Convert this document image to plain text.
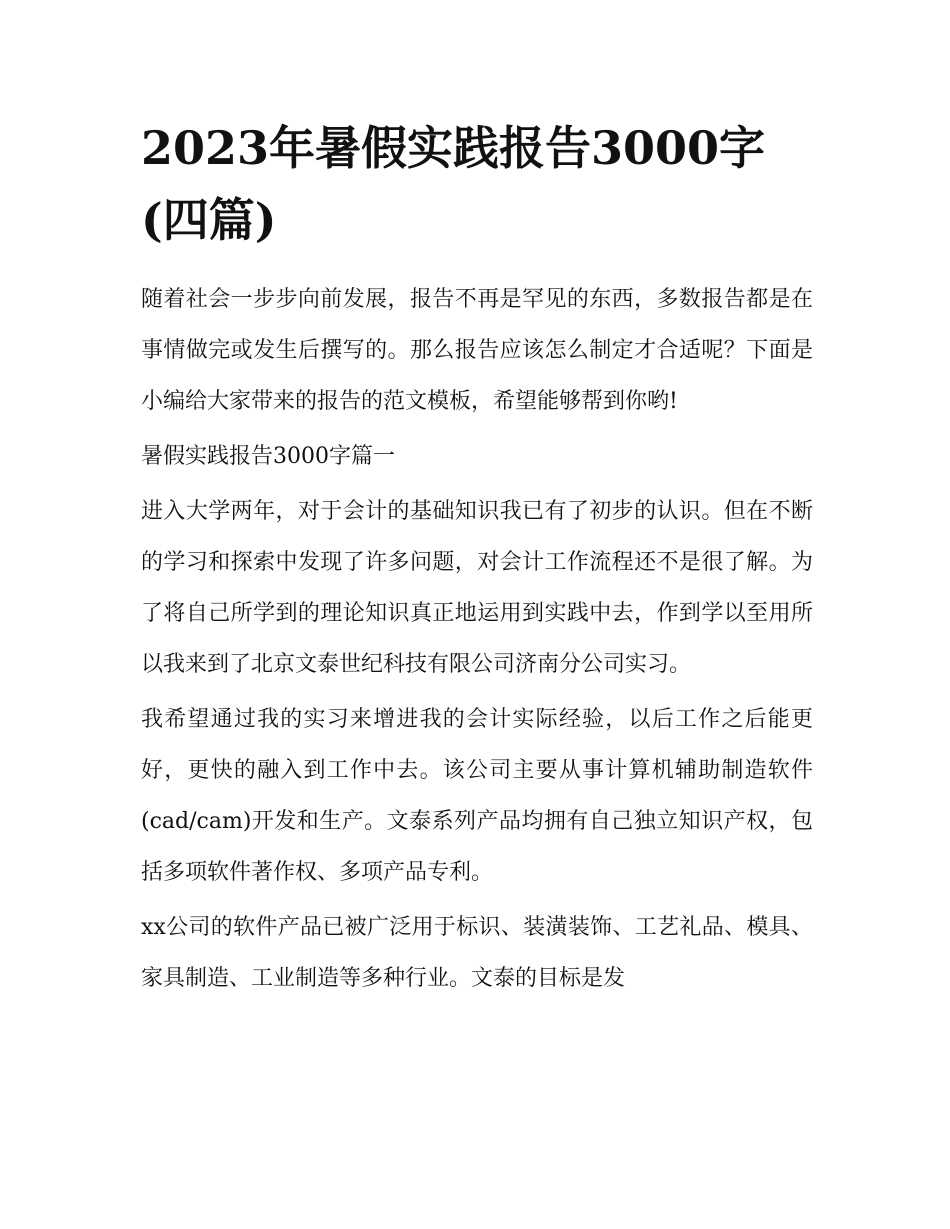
2023年暑假实践报告3000字(四篇)

随着社会一步步向前发展，报告不再是罕见的东西，多数报告都是在事情做完或发生后撰写的。那么报告应该怎么制定才合适呢？下面是小编给大家带来的报告的范文模板，希望能够帮到你哟!

暑假实践报告3000字篇一

进入大学两年，对于会计的基础知识我已有了初步的认识。但在不断的学习和探索中发现了许多问题，对会计工作流程还不是很了解。为了将自己所学到的理论知识真正地运用到实践中去，作到学以至用所以我来到了北京文泰世纪科技有限公司济南分公司实习。

我希望通过我的实习来增进我的会计实际经验，以后工作之后能更好，更快的融入到工作中去。该公司主要从事计算机辅助制造软件(cad/cam)开发和生产。文泰系列产品均拥有自己独立知识产权，包括多项软件著作权、多项产品专利。

xx公司的软件产品已被广泛用于标识、装潢装饰、工艺礼品、模具、家具制造、工业制造等多种行业。文泰的目标是发
